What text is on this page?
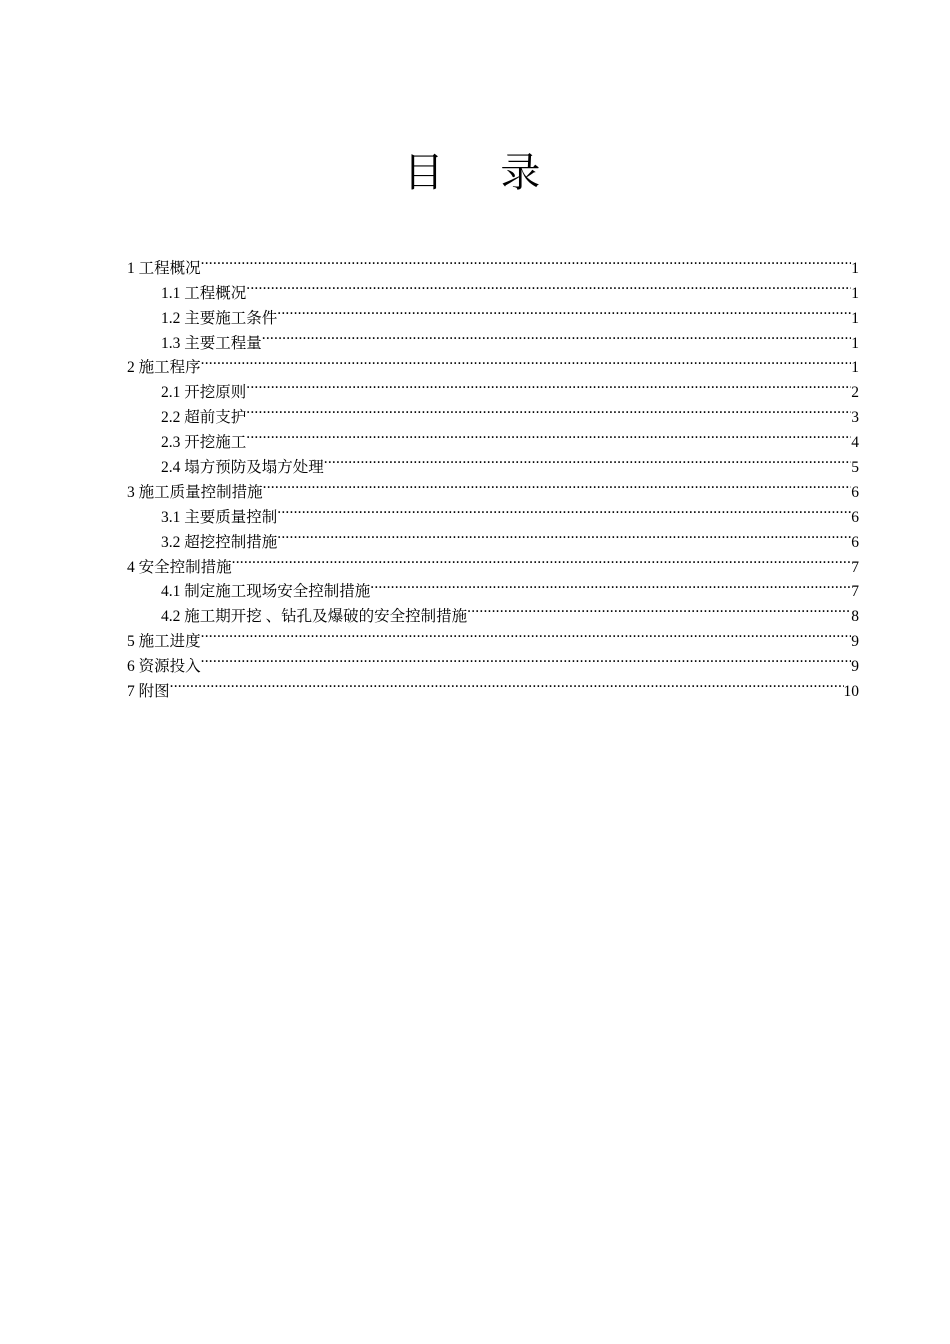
目 录
1 工程概况 .....	1
1.1 工程概况 .....	1
1.2 主要施工条件 .....	1
1.3 主要工程量 .....	1
2 施工程序 .....	1
2.1 开挖原则 .....	2
2.2 超前支护 .....	3
2.3 开挖施工 .....	4
2.4 塌方预防及塌方处理 .....	5
3 施工质量控制措施 .....	6
3.1 主要质量控制 .....	6
3.2 超挖控制措施 .....	6
4 安全控制措施 .....	7
4.1 制定施工现场安全控制措施 .....	7
4.2 施工期开挖 、钻孔及爆破的安全控制措施 .....	8
5 施工进度 .....	9
6 资源投入 .....	9
7 附图 .....	10
